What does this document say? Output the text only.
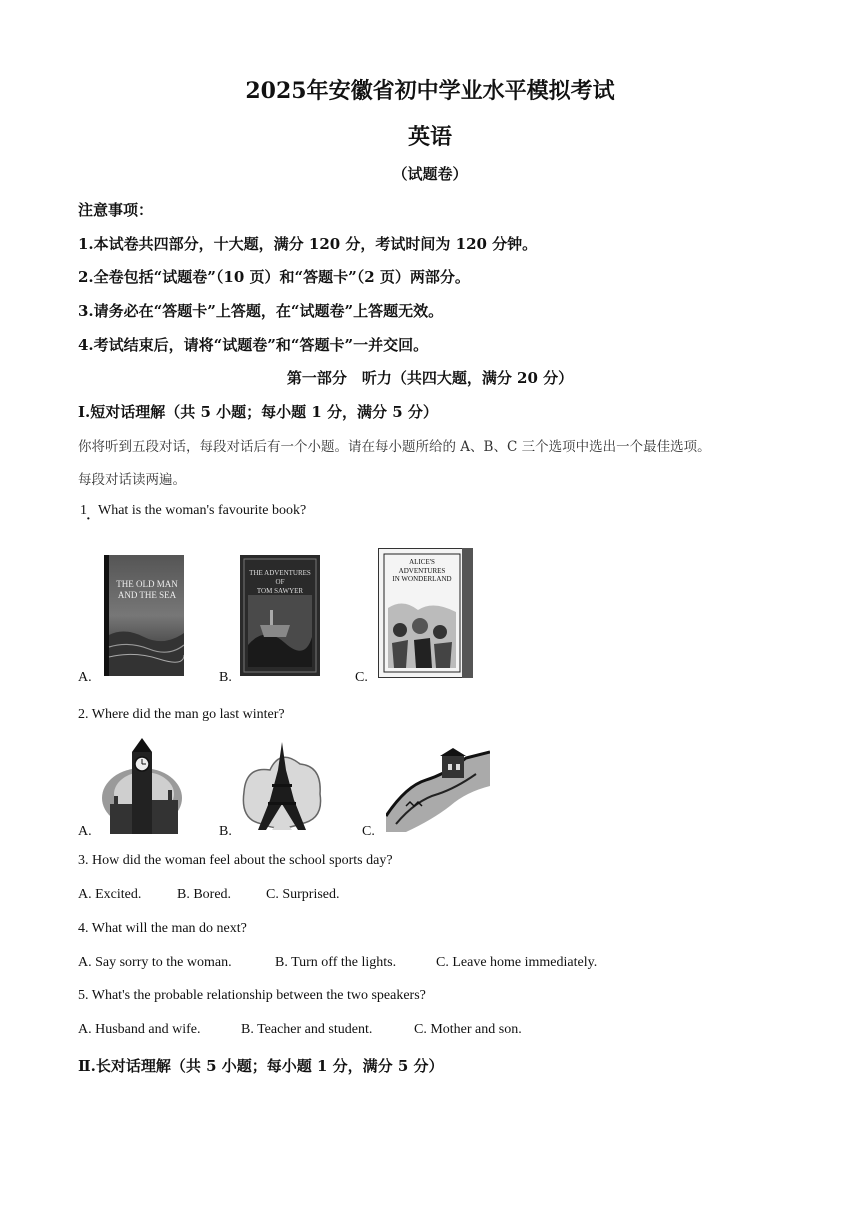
2025年安徽省初中学业水平模拟考试
英语
（试题卷）
注意事项：
1.本试卷共四部分，十大题，满分 120 分，考试时间为 120 分钟。
2.全卷包括“试题卷”（10 页）和“答题卡”（2 页）两部分。
3.请务必在“答题卡”上答题，在“试题卷”上答题无效。
4.考试结束后，请将“试题卷”和“答题卡”一并交回。
第一部分　听力（共四大题，满分 20 分）
Ⅰ.短对话理解（共 5 小题；每小题 1 分，满分 5 分）
你将听到五段对话，每段对话后有一个小题。请在每小题所给的 A、B、C 三个选项中选出一个最佳选项。
每段对话读两遍。
1
·
What is the woman's favourite book?
THE OLD MAN
AND THE SEA
THE ADVENTURES OF
TOM SAWYER
ALICE'S
ADVENTURES
IN WONDERLAND
A.	B.	C.
2. Where did the man go last winter?
A.	B.	C.
3. How did the woman feel about the school sports day?
A. Excited.	B. Bored. C. Surprised.
4. What will the man do next?
A. Say sorry to the woman.	B. Turn off the lights.	C. Leave home immediately.
5. What's the probable relationship between the two speakers?
A. Husband and wife.	B. Teacher and student.	C. Mother and son.
Ⅱ.长对话理解（共 5 小题；每小题 1 分，满分 5 分）
